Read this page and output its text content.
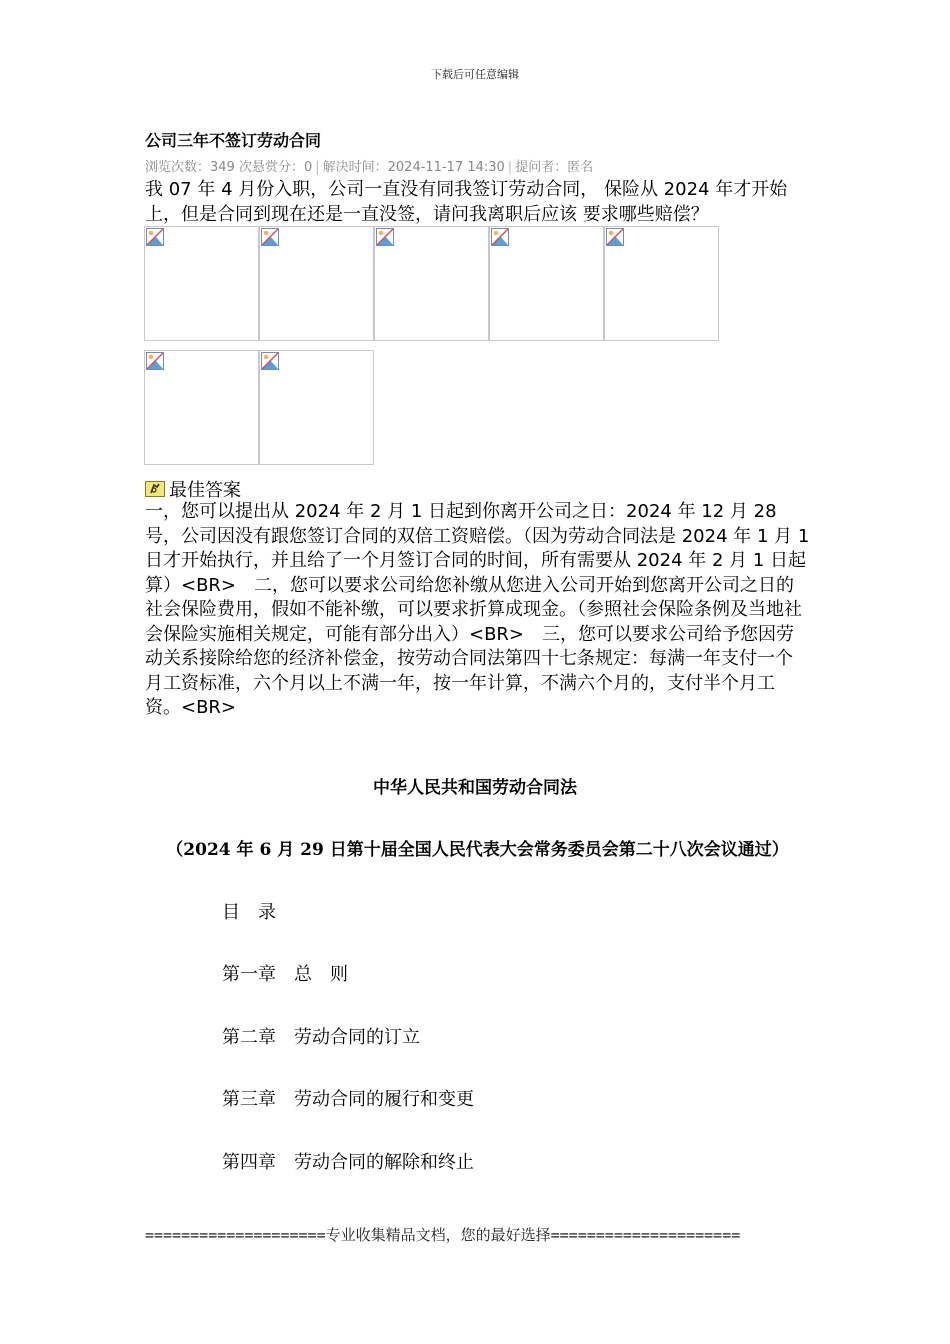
下载后可任意编辑
公司三年不签订劳动合同
浏览次数：349 次悬赏分：0 | 解决时间：2024-11-17 14:30 | 提问者：匿名
我 07 年 4 月份入职，公司一直没有同我签订劳动合同， 保险从 2024 年才开始上，但是合同到现在还是一直没签，请问我离职后应该 要求哪些赔偿？
最佳答案
一，您可以提出从 2024 年 2 月 1 日起到你离开公司之日：2024 年 12 月 28 号，公司因没有跟您签订合同的双倍工资赔偿。（因为劳动合同法是 2024 年 1 月 1 日才开始执行，并且给了一个月签订合同的时间，所有需要从 2024 年 2 月 1 日起算）<BR>　二，您可以要求公司给您补缴从您进入公司开始到您离开公司之日的社会保险费用，假如不能补缴，可以要求折算成现金。（参照社会保险条例及当地社会保险实施相关规定，可能有部分出入）<BR>　三，您可以要求公司给予您因劳动关系接除给您的经济补偿金，按劳动合同法第四十七条规定：每满一年支付一个月工资标准，六个月以上不满一年，按一年计算，不满六个月的，支付半个月工资。<BR>
中华人民共和国劳动合同法
（2024 年 6 月 29 日第十届全国人民代表大会常务委员会第二十八次会议通过）
目　录
第一章　总　则
第二章　劳动合同的订立
第三章　劳动合同的履行和变更
第四章　劳动合同的解除和终止
====================专业收集精品文档，您的最好选择=====================
